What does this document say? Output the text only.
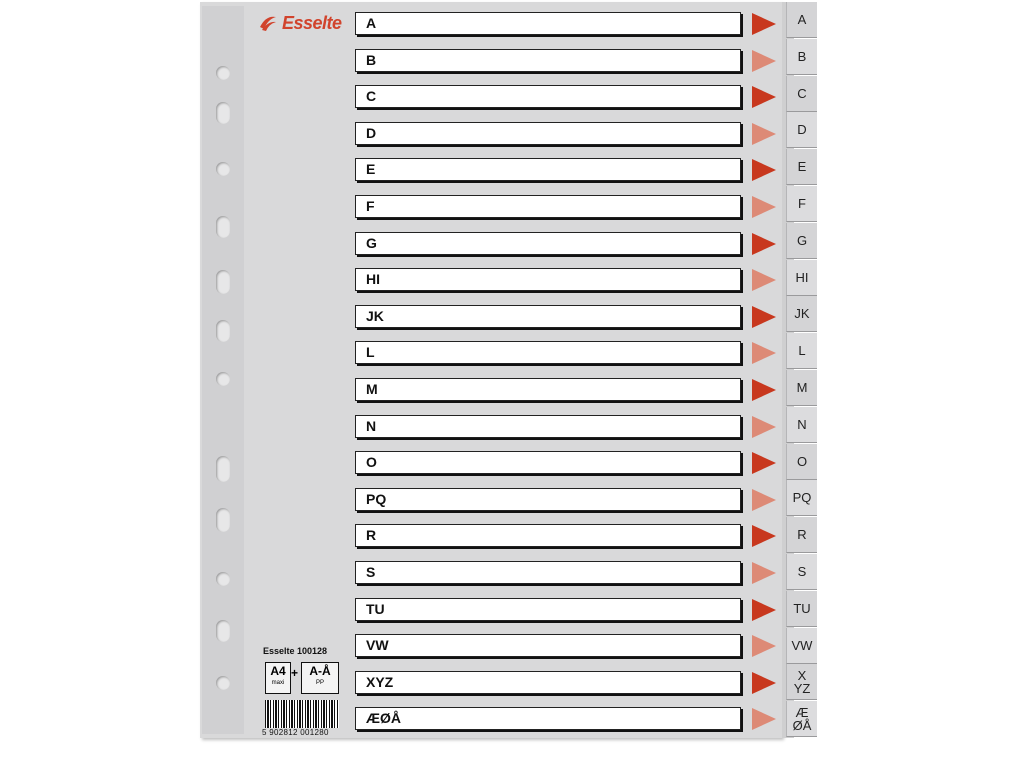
Esselte A
B
C
D
E
F
G
HI
JK
L
M
N
O
PQ
R
S
TU
VW
XYZ
ÆØÅ
A
B
C
D
E
F
G
HI
JK
L
M
N
O
PQ
R
S
TU
VW
X
YZ
Æ
ØÅ
Esselte 100128
A4
maxi
+ A-Å
PP
5 902812 001280
